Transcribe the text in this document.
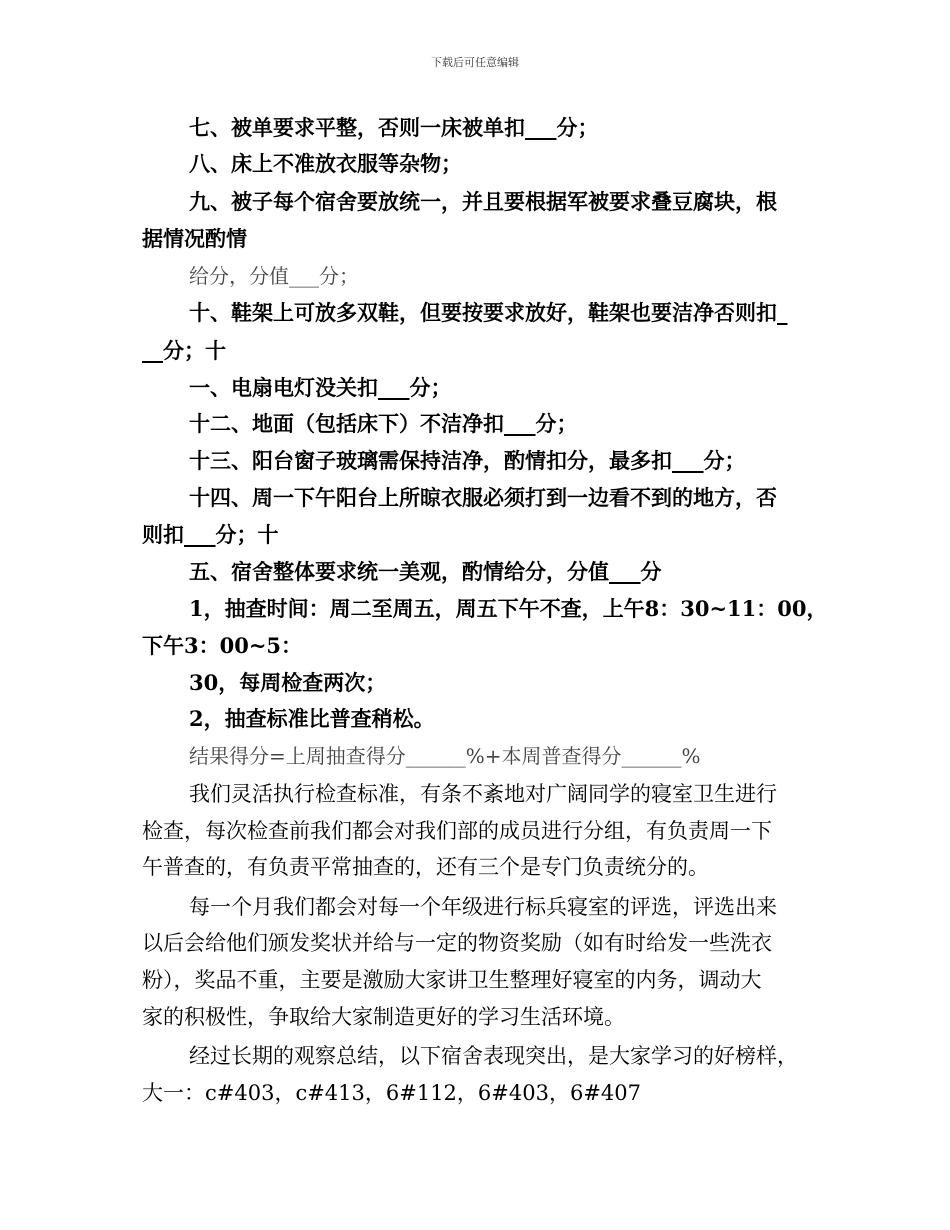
下载后可任意编辑

七、被单要求平整，否则一床被单扣___分；

八、床上不准放衣服等杂物；

九、被子每个宿舍要放统一，并且要根据军被要求叠豆腐块，根

据情况酌情

给分，分值___分；

十、鞋架上可放多双鞋，但要按要求放好，鞋架也要洁净否则扣_

__分；十

一、电扇电灯没关扣___分；

十二、地面（包括床下）不洁净扣___分；

十三、阳台窗子玻璃需保持洁净，酌情扣分，最多扣___分；

十四、周一下午阳台上所晾衣服必须打到一边看不到的地方，否

则扣___分；十

五、宿舍整体要求统一美观，酌情给分，分值___分

1，抽查时间：周二至周五，周五下午不查，上午8：30~11：00，

下午3：00~5：

30，每周检查两次；

2，抽查标准比普查稍松。

结果得分=上周抽查得分______%+本周普查得分______%

我们灵活执行检查标准，有条不紊地对广阔同学的寝室卫生进行

检查，每次检查前我们都会对我们部的成员进行分组，有负责周一下

午普查的，有负责平常抽查的，还有三个是专门负责统分的。

每一个月我们都会对每一个年级进行标兵寝室的评选，评选出来

以后会给他们颁发奖状并给与一定的物资奖励（如有时给发一些洗衣

粉），奖品不重，主要是激励大家讲卫生整理好寝室的内务，调动大

家的积极性，争取给大家制造更好的学习生活环境。

经过长期的观察总结，以下宿舍表现突出，是大家学习的好榜样，

大一：c#403，c#413，6#112，6#403，6#407
